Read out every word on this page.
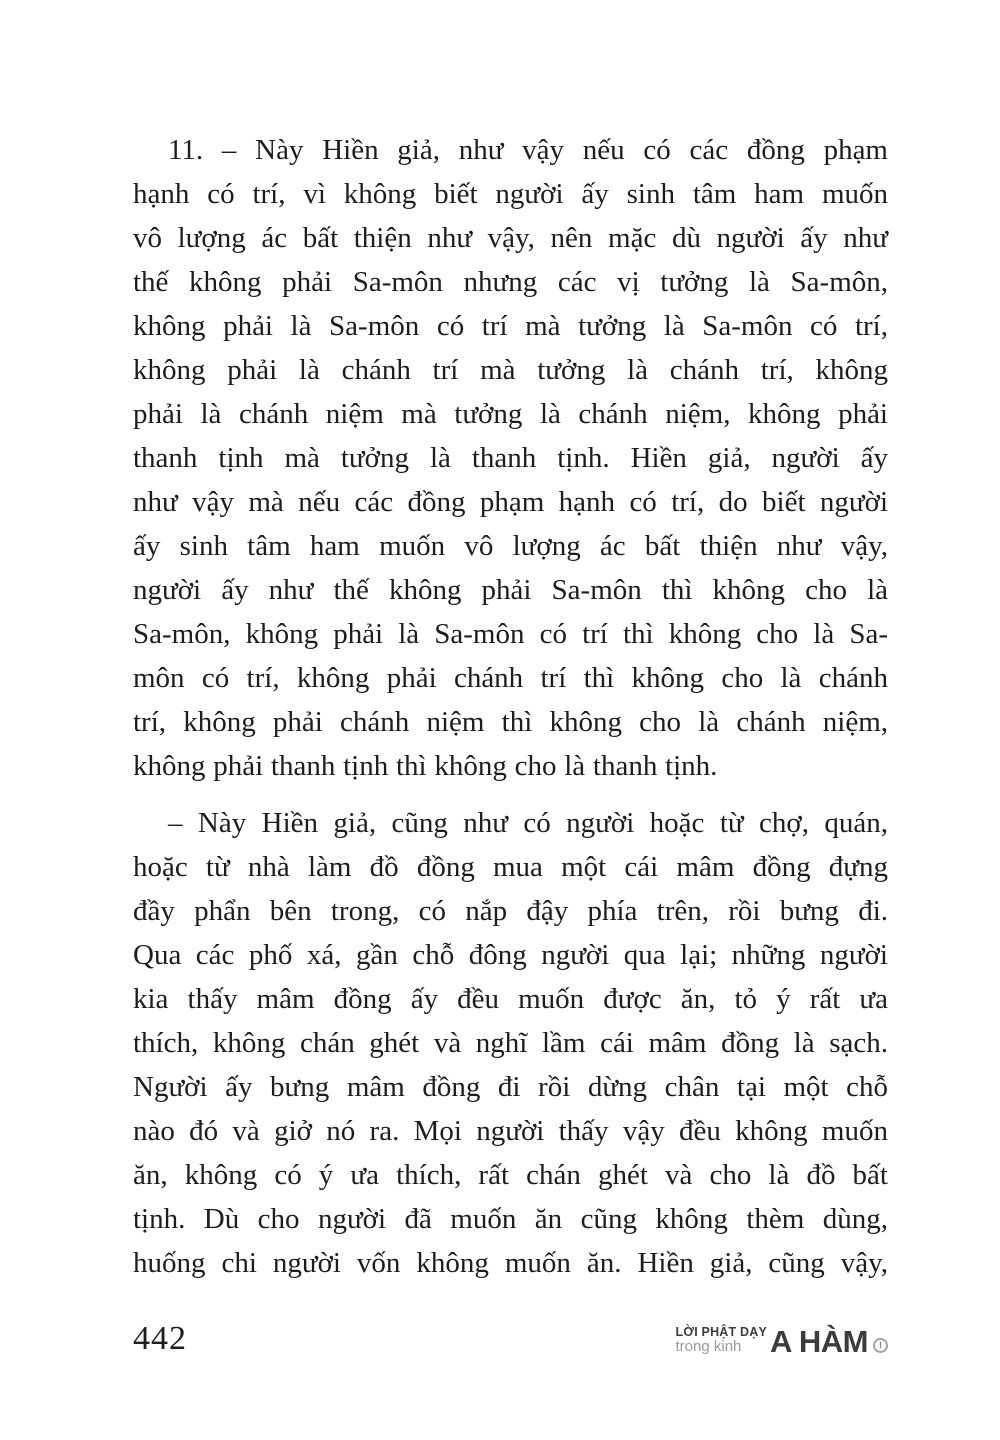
11. – Này Hiền giả, như vậy nếu có các đồng phạm
hạnh có trí, vì không biết người ấy sinh tâm ham muốn
vô lượng ác bất thiện như vậy, nên mặc dù người ấy như
thế không phải Sa-môn nhưng các vị tưởng là Sa-môn,
không phải là Sa-môn có trí mà tưởng là Sa-môn có trí,
không phải là chánh trí mà tưởng là chánh trí, không
phải là chánh niệm mà tưởng là chánh niệm, không phải
thanh tịnh mà tưởng là thanh tịnh. Hiền giả, người ấy
như vậy mà nếu các đồng phạm hạnh có trí, do biết người
ấy sinh tâm ham muốn vô lượng ác bất thiện như vậy,
người ấy như thế không phải Sa-môn thì không cho là
Sa-môn, không phải là Sa-môn có trí thì không cho là Sa-
môn có trí, không phải chánh trí thì không cho là chánh
trí, không phải chánh niệm thì không cho là chánh niệm,
không phải thanh tịnh thì không cho là thanh tịnh.
– Này Hiền giả, cũng như có người hoặc từ chợ, quán,
hoặc từ nhà làm đồ đồng mua một cái mâm đồng đựng
đầy phẩn bên trong, có nắp đậy phía trên, rồi bưng đi.
Qua các phố xá, gần chỗ đông người qua lại; những người
kia thấy mâm đồng ấy đều muốn được ăn, tỏ ý rất ưa
thích, không chán ghét và nghĩ lầm cái mâm đồng là sạch.
Người ấy bưng mâm đồng đi rồi dừng chân tại một chỗ
nào đó và giở nó ra. Mọi người thấy vậy đều không muốn
ăn, không có ý ưa thích, rất chán ghét và cho là đồ bất
tịnh. Dù cho người đã muốn ăn cũng không thèm dùng,
huống chi người vốn không muốn ăn. Hiền giả, cũng vậy,
442	LỜI PHẬT DẠY
trong kinh A HÀM I
